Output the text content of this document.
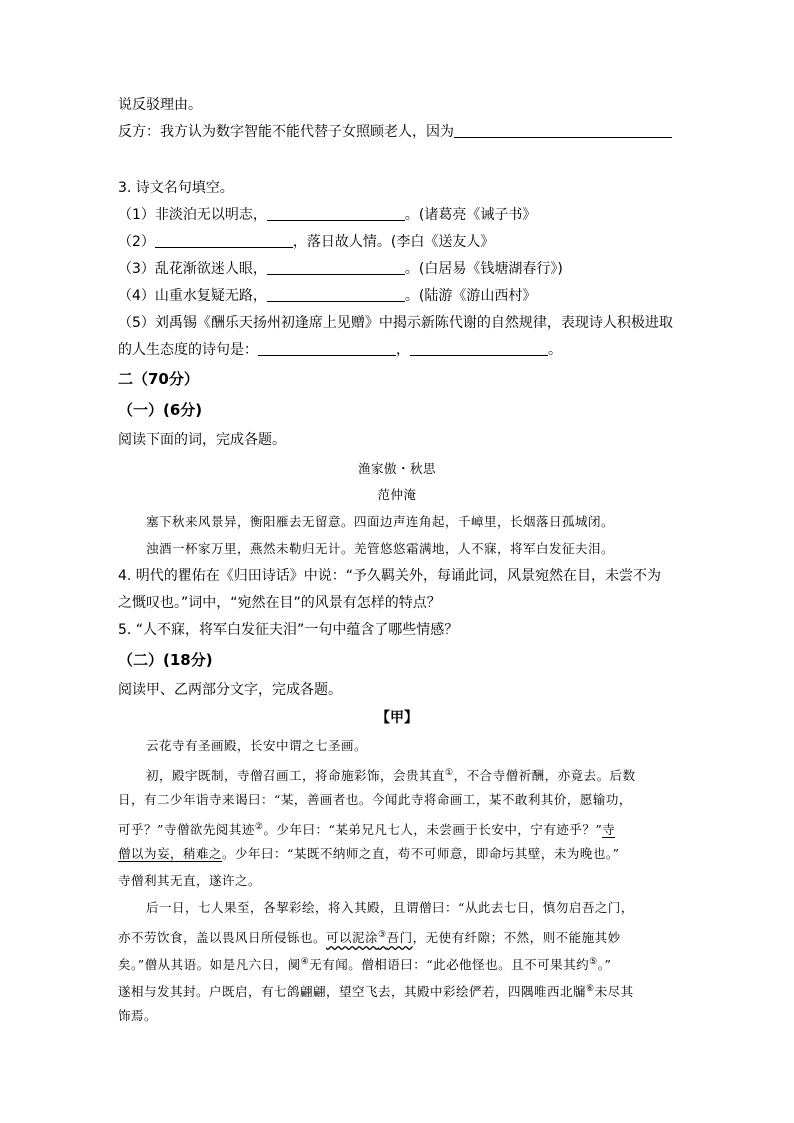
说反驳理由。
反方：我方认为数字智能不能代替子女照顾老人，因为
3. 诗文名句填空。
（1）非淡泊无以明志，	。(诸葛亮《诫子书》
（2）	，落日故人情。(李白《送友人》
（3）乱花渐欲迷人眼，	。(白居易《钱塘湖春行》)
（4）山重水复疑无路，	。(陆游《游山西村》
（5）刘禹锡《酬乐天扬州初逢席上见赠》中揭示新陈代谢的自然规律，表现诗人积极进取
的人生态度的诗句是：	，	。
二（70分）
（一）(6分)
阅读下面的词，完成各题。
渔家傲・秋思
范仲淹
塞下秋来风景异，衡阳雁去无留意。四面边声连角起，千嶂里，长烟落日孤城闭。
浊酒一杯家万里，燕然未勒归无计。羌管悠悠霜满地，人不寐，将军白发征夫泪。
4. 明代的瞿佑在《归田诗话》中说：“予久羁关外，每诵此词，风景宛然在目，未尝不为
之慨叹也。”词中，“宛然在目”的风景有怎样的特点？
5. “人不寐，将军白发征夫泪”一句中蕴含了哪些情感？
（二）(18分)
阅读甲、乙两部分文字，完成各题。
【甲】
云花寺有圣画殿，长安中谓之七圣画。
初，殿宇既制，寺僧召画工，将命施彩饰，会贵其直①，不合寺僧祈酬，亦竟去。后数
日，有二少年诣寺来谒曰：“某，善画者也。今闻此寺将命画工，某不敢利其价，愿输功，
可乎？”寺僧欲先阅其迹②。少年曰：“某弟兄凡七人，未尝画于长安中，宁有迹乎？”寺
僧以为妄，稍难之。少年曰：“某既不纳师之直，苟不可师意，即命圬其壁，未为晚也。”
寺僧利其无直，遂许之。
后一日，七人果至，各挈彩绘，将入其殿，且谓僧曰：“从此去七日，慎勿启吾之门，
亦不劳饮食，盖以畏风日所侵铄也。可以泥涂③吾门，无使有纤隙；不然，则不能施其妙
矣。”僧从其语。如是凡六日，阒④无有闻。僧相语曰：“此必他怪也。且不可果其约⑤。”
遂相与发其封。户既启，有七鸽翩翩，望空飞去，其殿中彩绘俨若，四隅唯西北牖⑥未尽其
饰焉。
